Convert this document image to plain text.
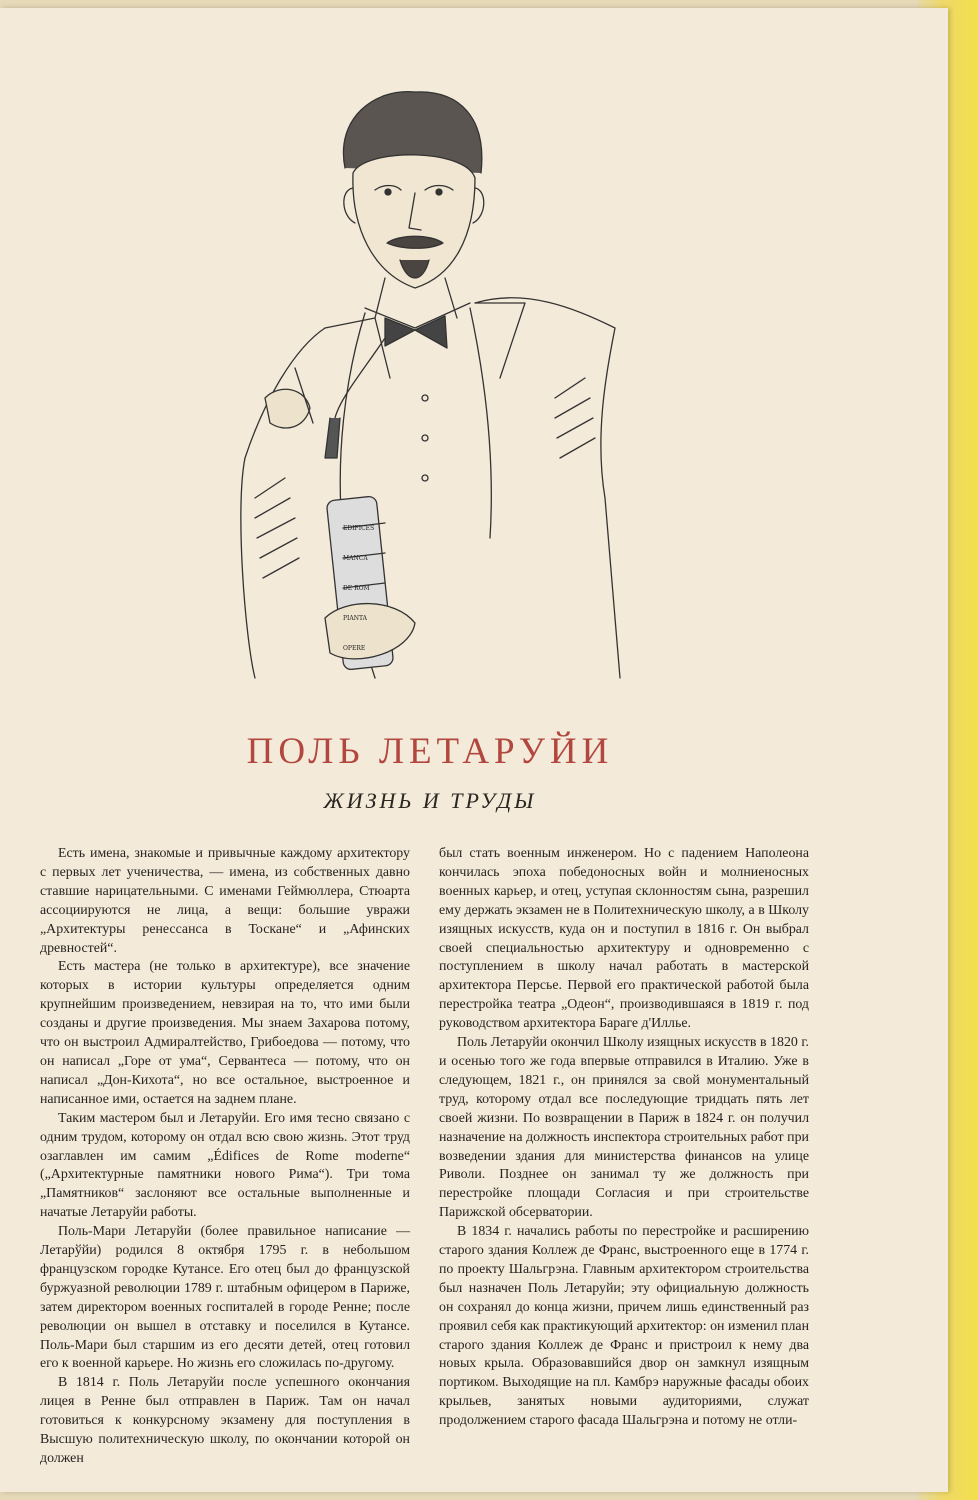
EDIFICES
MANCA
DE ROM
PIANTA
OPERE
ПОЛЬ ЛЕТАРУЙИ
ЖИЗНЬ И ТРУДЫ

Есть имена, знакомые и привычные каждому архитектору с первых лет ученичества, — имена, из собственных давно ставшие нарицательными. С именами Геймюллера, Стюарта ассоциируются не лица, а вещи: большие увражи „Архитектуры ренессанса в Тоскане“ и „Афинских древностей“.

Есть мастера (не только в архитектуре), все значение которых в истории культуры определяется одним крупнейшим произведением, невзирая на то, что ими были созданы и другие произведения. Мы знаем Захарова потому, что он выстроил Адмиралтейство, Грибоедова — потому, что он написал „Горе от ума“, Сервантеса — потому, что он написал „Дон-Кихота“, но все остальное, выстроенное и написанное ими, остается на заднем плане.

Таким мастером был и Летаруйи. Его имя тесно связано с одним трудом, которому он отдал всю свою жизнь. Этот труд озаглавлен им самим „Édifices de Rome moderne“ („Архитектурные памятники нового Рима“). Три тома „Памятников“ заслоняют все остальные выполненные и начатые Летаруйи работы.

Поль-Мари Летаруйи (более правильное написание — Летарўйи) родился 8 октября 1795 г. в небольшом французском городке Кутансе. Его отец был до французской буржуазной революции 1789 г. штабным офицером в Париже, затем директором военных госпиталей в городе Ренне; после революции он вышел в отставку и поселился в Кутансе. Поль-Мари был старшим из его десяти детей, отец готовил его к военной карьере. Но жизнь его сложилась по-другому.

В 1814 г. Поль Летаруйи после успешного окончания лицея в Ренне был отправлен в Париж. Там он начал готовиться к конкурсному экзамену для поступления в Высшую политехническую школу, по окончании которой он должен

был стать военным инженером. Но с падением Наполеона кончилась эпоха победоносных войн и молниеносных военных карьер, и отец, уступая склонностям сына, разрешил ему держать экзамен не в Политехническую школу, а в Школу изящных искусств, куда он и поступил в 1816 г. Он выбрал своей специальностью архитектуру и одновременно с поступлением в школу начал работать в мастерской архитектора Персье. Первой его практической работой была перестройка театра „Одеон“, производившаяся в 1819 г. под руководством архитектора Бараге д'Иллье.

Поль Летаруйи окончил Школу изящных искусств в 1820 г. и осенью того же года впервые отправился в Италию. Уже в следующем, 1821 г., он принялся за свой монументальный труд, которому отдал все последующие тридцать пять лет своей жизни. По возвращении в Париж в 1824 г. он получил назначение на должность инспектора строительных работ при возведении здания для министерства финансов на улице Риволи. Позднее он занимал ту же должность при перестройке площади Согласия и при строительстве Парижской обсерватории.

В 1834 г. начались работы по перестройке и расширению старого здания Коллеж де Франс, выстроенного еще в 1774 г. по проекту Шальгрэна. Главным архитектором строительства был назначен Поль Летаруйи; эту официальную должность он сохранял до конца жизни, причем лишь единственный раз проявил себя как практикующий архитектор: он изменил план старого здания Коллеж де Франс и пристроил к нему два новых крыла. Образовавшийся двор он замкнул изящным портиком. Выходящие на пл. Камбрэ наружные фасады обоих крыльев, занятых новыми аудиториями, служат продолжением старого фасада Шальгрэна и потому не отли-
